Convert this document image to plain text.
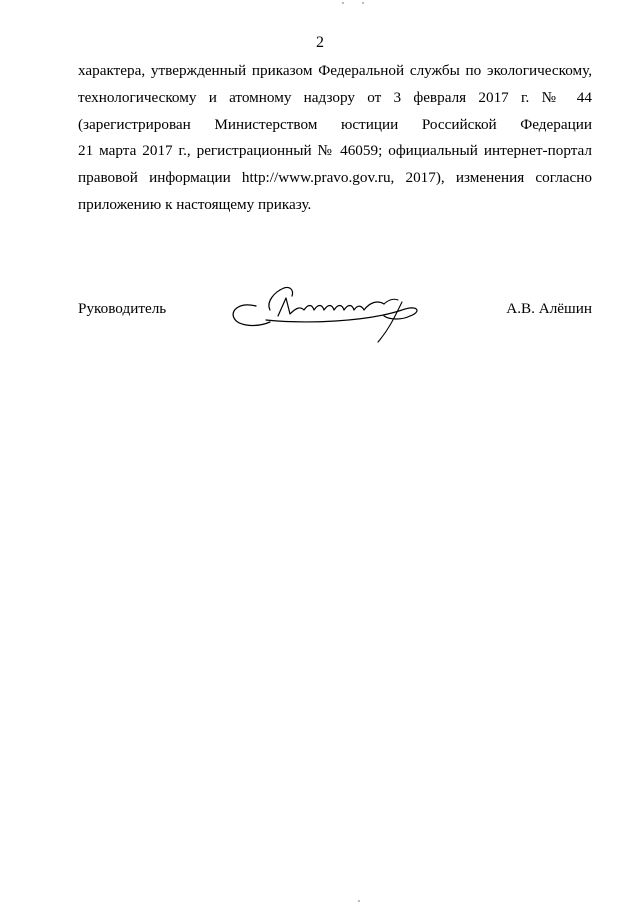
2
характера, утвержденный приказом Федеральной службы по экологическому,
технологическому и атомному надзору от 3 февраля 2017 г. № 44
(зарегистрирован Министерством юстиции Российской Федерации
21 марта 2017 г., регистрационный № 46059; официальный интернет-портал
правовой информации http://www.pravo.gov.ru, 2017), изменения согласно
приложению к настоящему приказу.
Руководитель	А.В. Алёшин
